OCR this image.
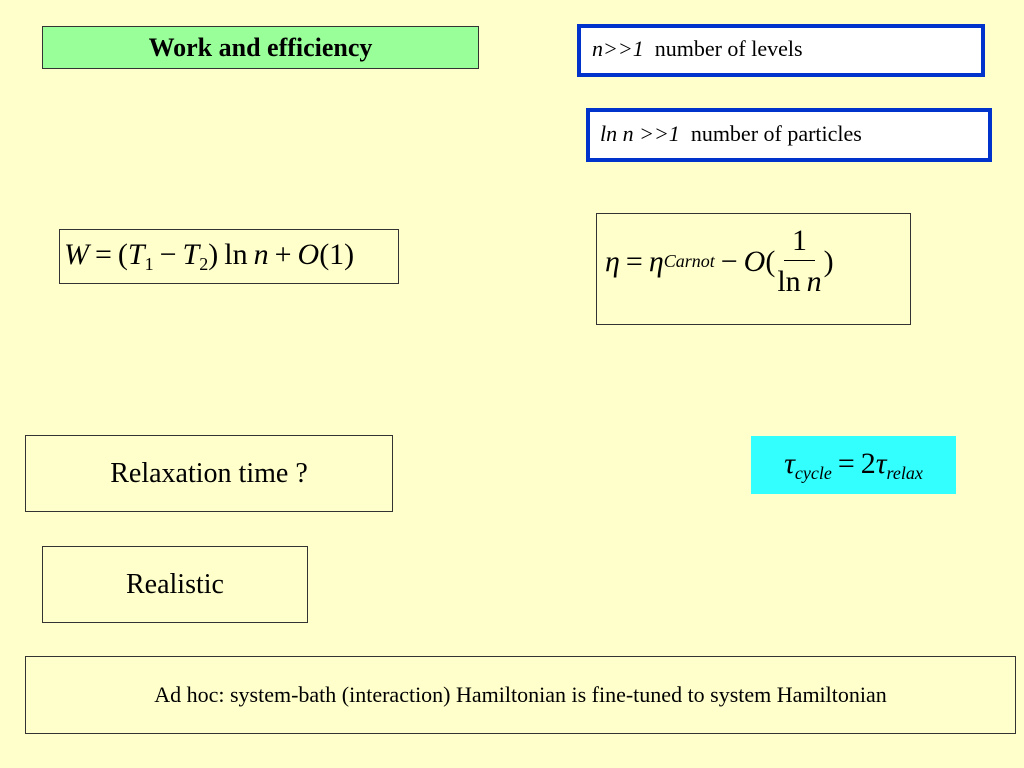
Work and efficiency	n>>1 number of levels
ln n >>1 number of particles
$W = (T_1 - T_2)$  ln  n + O(1)	η = η Carnot − O ( $\frac{1}{\text{ln  n}}$ )
Relaxation time ?	$\tau_{cycle} = 2\tau_{relax}$
Realistic
Ad hoc: system-bath (interaction) Hamiltonian is fine-tuned to system Hamiltonian
